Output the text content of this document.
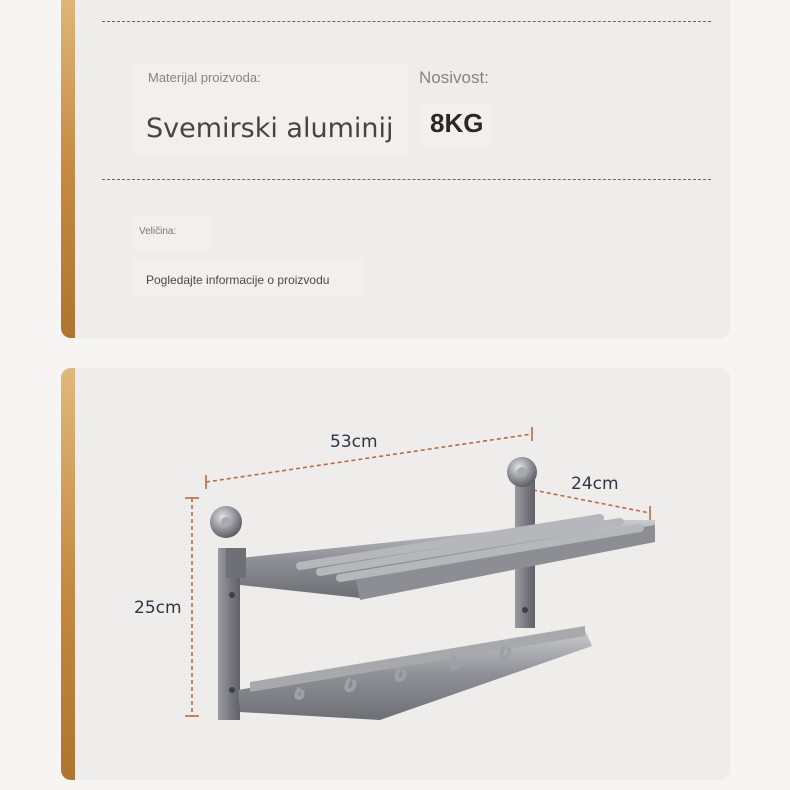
Materijal proizvoda:
Svemirski aluminij
Nosivost:
8KG
Veličina:
Pogledajte informacije o proizvodu
53cm
24cm
25cm
